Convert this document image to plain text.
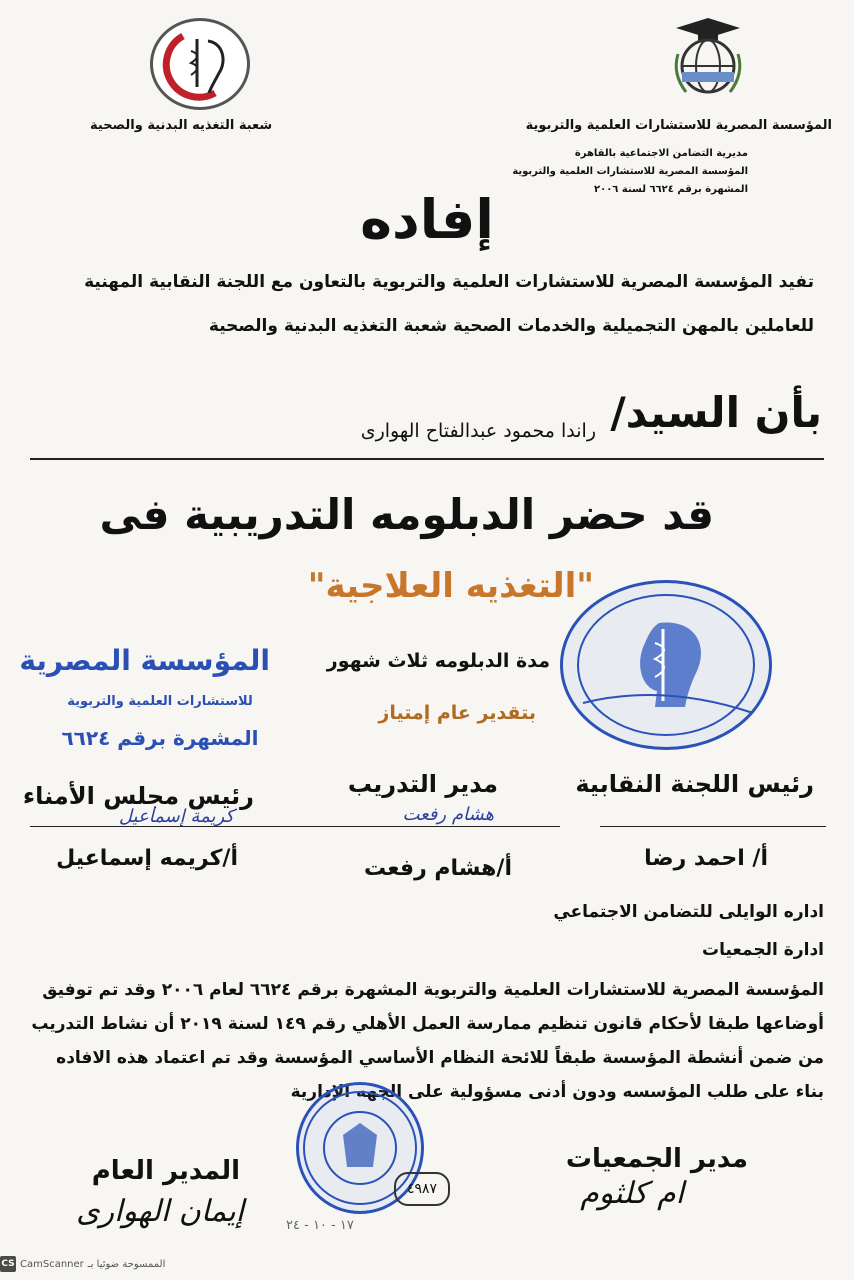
شعبة التغذيه البدنية والصحية	المؤسسة المصرية للاستشارات العلمية والتربوية
مديرية التضامن الاجتماعية بالقاهرة
المؤسسة المصرية للاستشارات العلمية والتربوية
المشهرة برقم ٦٦٢٤ لسنة ٢٠٠٦
إفاده
تفيد المؤسسة المصرية للاستشارات العلمية والتربوية بالتعاون مع اللجنة النقابية المهنية
للعاملين بالمهن التجميلية والخدمات الصحية شعبة التغذيه البدنية والصحية
بأن السيد/
راندا محمود عبدالفتاح الهوارى
قد حضر الدبلومه التدريبية فى
"التغذيه العلاجية"
المؤسسة المصرية
للاستشارات العلمية والتربوية
المشهرة برقم ٦٦٢٤
مدة الدبلومه ثلاث شهور
بتقدير عام إمتياز
رئيس اللجنة النقابية
مدير التدريب
رئيس مجلس الأمناء
هشام رفعت
كريمة إسماعيل
أ/ احمد رضا
أ/هشام رفعت
أ/كريمه إسماعيل
اداره الوايلى للتضامن الاجتماعي
ادارة الجمعيات
المؤسسة المصرية للاستشارات العلمية والتربوية المشهرة برقم ٦٦٢٤ لعام ٢٠٠٦ وقد تم توفيق
أوضاعها طبقا لأحكام قانون تنظيم ممارسة العمل الأهلي رقم ١٤٩ لسنة ٢٠١٩ أن نشاط التدريب
من ضمن أنشطة المؤسسة طبقاً للائحة النظام الأساسي المؤسسة وقد تم اعتماد هذه الافاده
بناء على طلب المؤسسه ودون أدنى مسؤولية على الجهه الإدارية
مدير الجمعيات
ام كلثوم
المدير العام
إيمان الهوارى
٤٩٨٧
١٧ - ١٠ - ٢٤
CS CamScanner الممسوحة ضوئيا بـ
